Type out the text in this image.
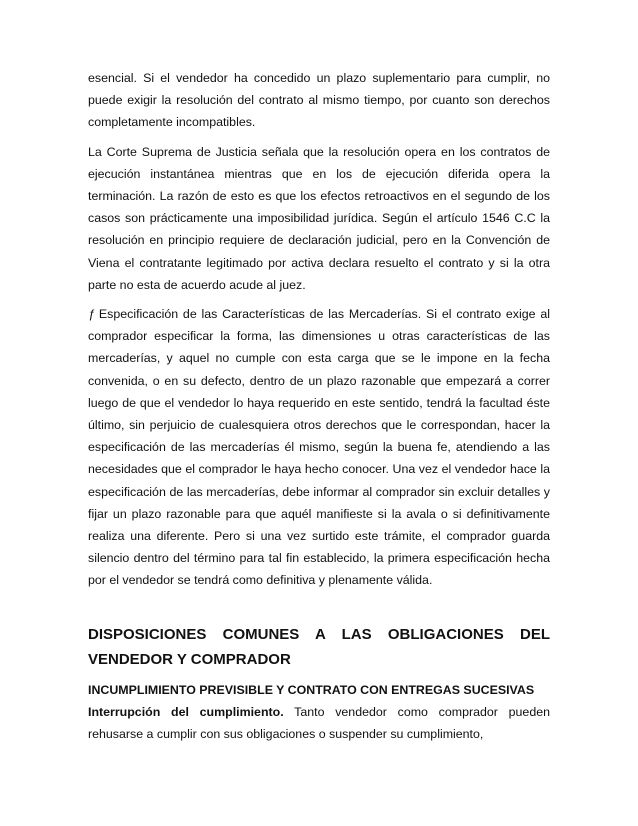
esencial. Si el vendedor ha concedido un plazo suplementario para cumplir, no puede exigir la resolución del contrato al mismo tiempo, por cuanto son derechos completamente incompatibles.

La Corte Suprema de Justicia señala que la resolución opera en los contratos de ejecución instantánea mientras que en los de ejecución diferida opera la terminación. La razón de esto es que los efectos retroactivos en el segundo de los casos son prácticamente una imposibilidad jurídica. Según el artículo 1546 C.C la resolución en principio requiere de declaración judicial, pero en la Convención de Viena el contratante legitimado por activa declara resuelto el contrato y si la otra parte no esta de acuerdo acude al juez.

ƒ Especificación de las Características de las Mercaderías. Si el contrato exige al comprador especificar la forma, las dimensiones u otras características de las mercaderías, y aquel no cumple con esta carga que se le impone en la fecha convenida, o en su defecto, dentro de un plazo razonable que empezará a correr luego de que el vendedor lo haya requerido en este sentido, tendrá la facultad éste último, sin perjuicio de cualesquiera otros derechos que le correspondan, hacer la especificación de las mercaderías él mismo, según la buena fe, atendiendo a las necesidades que el comprador le haya hecho conocer. Una vez el vendedor hace la especificación de las mercaderías, debe informar al comprador sin excluir detalles y fijar un plazo razonable para que aquél manifieste si la avala o si definitivamente realiza una diferente. Pero si una vez surtido este trámite, el comprador guarda silencio dentro del término para tal fin establecido, la primera especificación hecha por el vendedor se tendrá como definitiva y plenamente válida.

DISPOSICIONES COMUNES A LAS OBLIGACIONES DEL VENDEDOR Y COMPRADOR
INCUMPLIMIENTO PREVISIBLE Y CONTRATO CON ENTREGAS SUCESIVAS

Interrupción del cumplimiento. Tanto vendedor como comprador pueden rehusarse a cumplir con sus obligaciones o suspender su cumplimiento,
